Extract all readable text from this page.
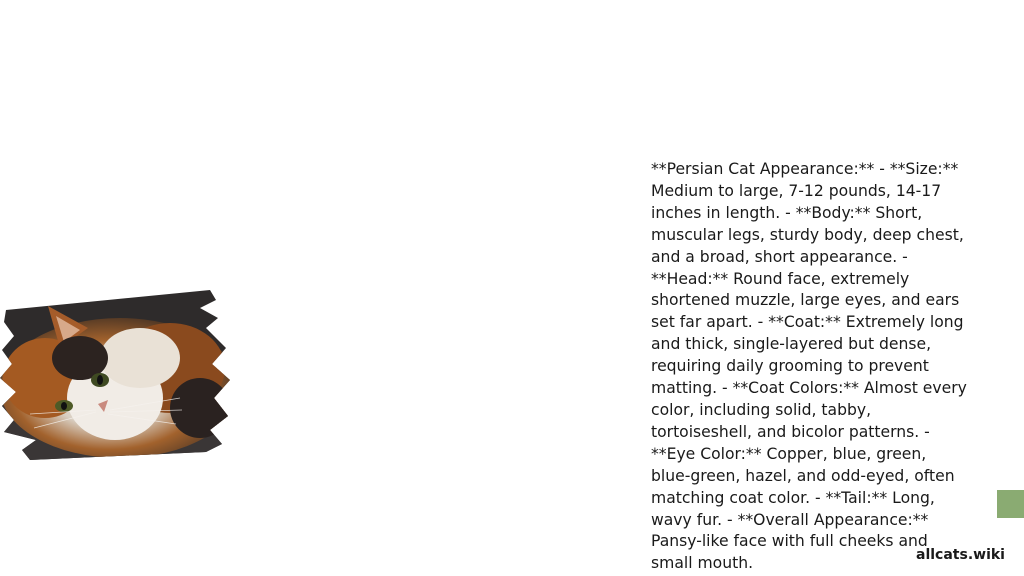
**Persian Cat Appearance:** - **Size:** Medium to large, 7-12 pounds, 14-17 inches in length. - **Body:** Short, muscular legs, sturdy body, deep chest, and a broad, short appearance. - **Head:** Round face, extremely shortened muzzle, large eyes, and ears set far apart. - **Coat:** Extremely long and thick, single-layered but dense, requiring daily grooming to prevent matting. - **Coat Colors:** Almost every color, including solid, tabby, tortoiseshell, and bicolor patterns. - **Eye Color:** Copper, blue, green, blue-green, hazel, and odd-eyed, often matching coat color. - **Tail:** Long, wavy fur. - **Overall Appearance:** Pansy-like face with full cheeks and small mouth.	allcats.wiki
